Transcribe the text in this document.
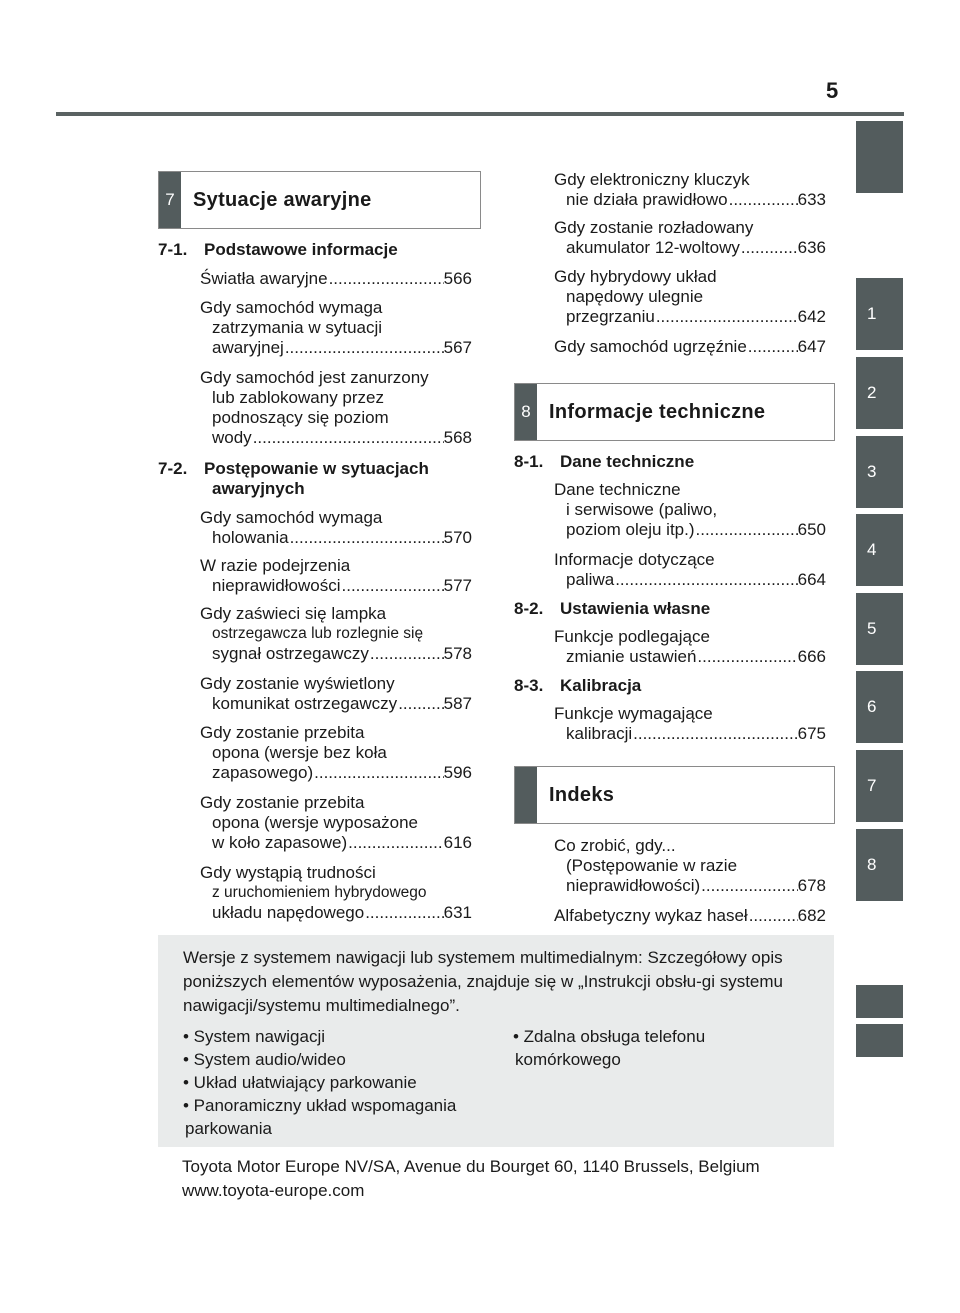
5
1
2
3
4
5
6
7
8
7 Sytuacje awaryjne
8 Informacje techniczne
Indeks
7-1. Podstawowe informacje
Światła awaryjne .....	566
Gdy samochód wymaga
zatrzymania w sytuacji
awaryjnej .....	567
Gdy samochód jest zanurzony
lub zablokowany przez
podnoszący się poziom
wody .....	568
7-2. Postępowanie w sytuacjach
awaryjnych
Gdy samochód wymaga
holowania .....	570
W razie podejrzenia
nieprawidłowości .....	577
Gdy zaświeci się lampka
ostrzegawcza lub rozlegnie się
sygnał ostrzegawczy .....	578
Gdy zostanie wyświetlony
komunikat ostrzegawczy .....	587
Gdy zostanie przebita
opona (wersje bez koła
zapasowego) .....	596
Gdy zostanie przebita
opona (wersje wyposażone
w koło zapasowe) .....	616
Gdy wystąpią trudności
z uruchomieniem hybrydowego
układu napędowego .....	631
Gdy elektroniczny kluczyk
nie działa prawidłowo .....	633
Gdy zostanie rozładowany
akumulator 12-woltowy .....	636
Gdy hybrydowy układ
napędowy ulegnie
przegrzaniu .....	642
Gdy samochód ugrzęźnie .....	647
8-1. Dane techniczne
Dane techniczne
i serwisowe (paliwo,
poziom oleju itp.) .....	650
Informacje dotyczące
paliwa .....	664
8-2. Ustawienia własne
Funkcje podlegające
zmianie ustawień .....	666
8-3. Kalibracja
Funkcje wymagające
kalibracji .....	675
Co zrobić, gdy...
(Postępowanie w razie
nieprawidłowości) .....	678
Alfabetyczny wykaz haseł .....	682
Wersje z systemem nawigacji lub systemem multimedialnym: Szczegółowy opis poniższych elementów wyposażenia, znajduje się w „Instrukcji obsłu-gi systemu nawigacji/systemu multimedialnego”.
• System nawigacji
• System audio/wideo
• Układ ułatwiający parkowanie
• Panoramiczny układ wspomagania
parkowania
• Zdalna obsługa telefonu
komórkowego
Toyota Motor Europe NV/SA, Avenue du Bourget 60, 1140 Brussels, Belgium
www.toyota-europe.com
